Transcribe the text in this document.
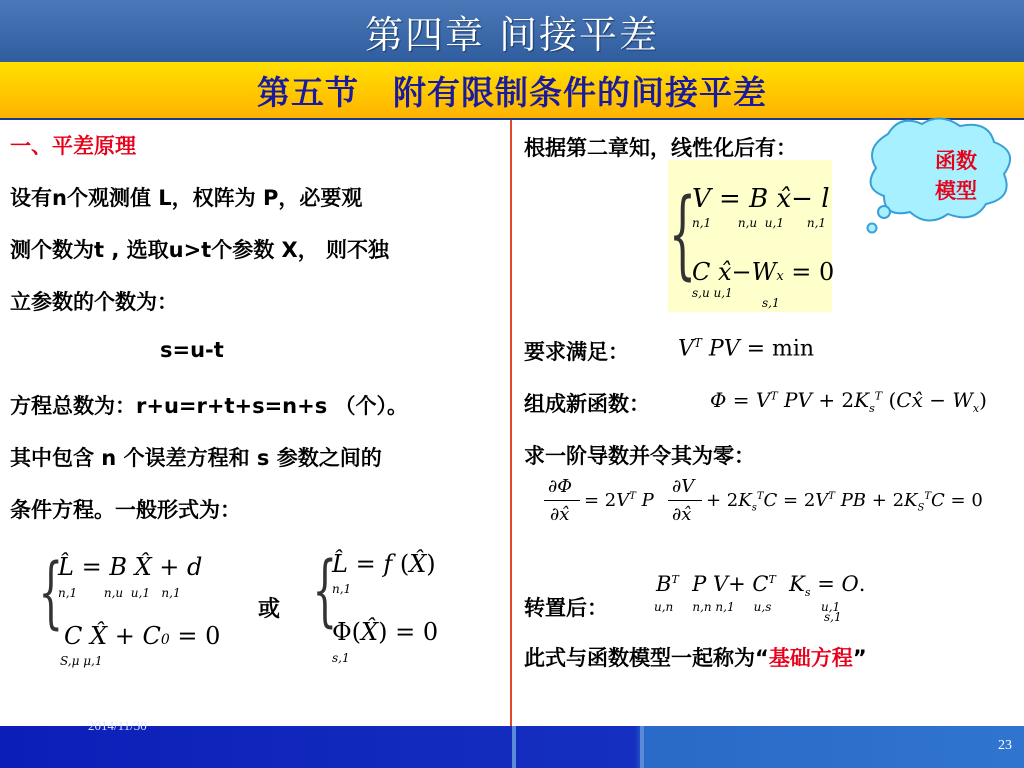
第四章 间接平差
第五节　附有限制条件的间接平差
一、平差原理
设有n个观测值 L，权阵为 P，必要观
测个数为t , 选取u>t个参数 X， 则不独
立参数的个数为：
s=u-t
方程总数为：r+u=r+t+s=n+s （个）。
其中包含 n 个误差方程和 s 参数之间的
条件方程。一般形式为：
{
L̂ = B X̂ + d
n,1       n,u  u,1   n,1
C X̂ + C0 = 0
S,μ μ,1
或 {
L̂ = f (X̂)
n,1
Φ(X̂) = 0
s,1
根据第二章知，线性化后有：
要求满足：
组成新函数：
求一阶导数并令其为零：
转置后：
此式与函数模型一起称为“基础方程”
{
V = B x̂− l
n,1       n,u  u,1      n,1
C x̂−Wx = 0
s,u u,1
s,1
$V^T$ PV = min
$\Phi = V^T$ PV + $2K_s^T$ (Cx̂ − $W_x$)
∂Φ
∂x̂
= $2V^T$ P
∂V
∂x̂
+ $2K_s^TC = 2V^T$ PB + $2K_S^TC = 0$
$B^T$  P $V+ C^T$  $K_s = O$.
u,n     n,n n,1     u,s             u,1
s,1
函数
模型
2014/11/30
23
